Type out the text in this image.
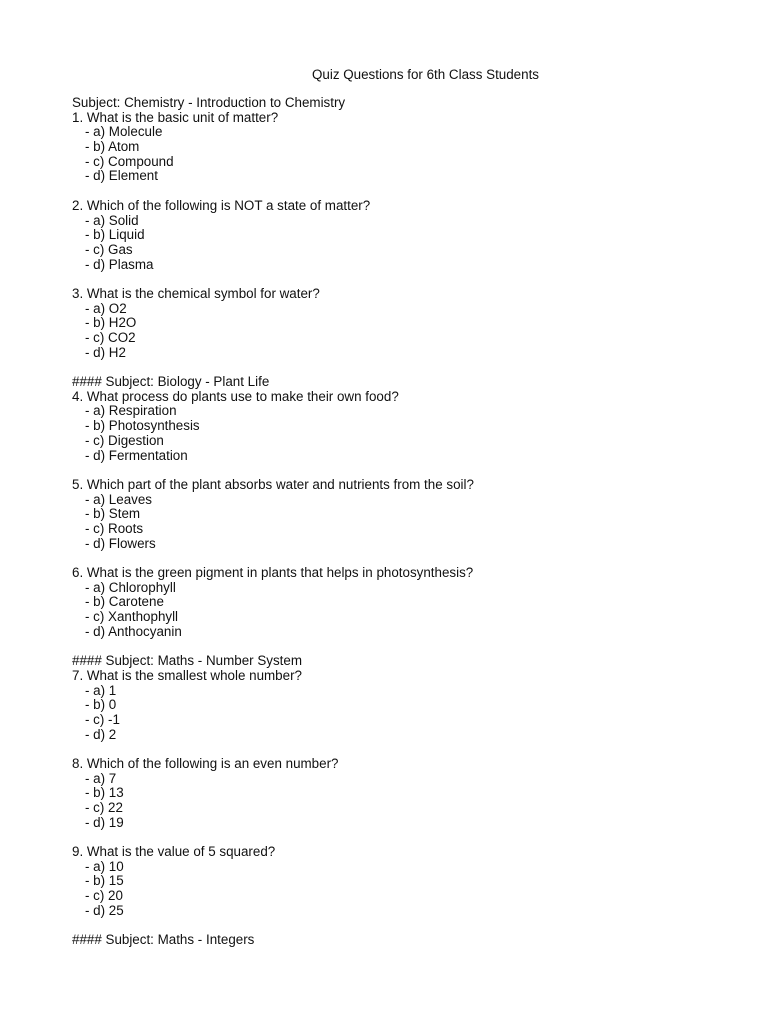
Quiz Questions for 6th Class Students
Subject: Chemistry - Introduction to Chemistry
1. What is the basic unit of matter?
- a) Molecule
- b) Atom
- c) Compound
- d) Element
2. Which of the following is NOT a state of matter?
- a) Solid
- b) Liquid
- c) Gas
- d) Plasma
3. What is the chemical symbol for water?
- a) O2
- b) H2O
- c) CO2
- d) H2
#### Subject: Biology - Plant Life
4. What process do plants use to make their own food?
- a) Respiration
- b) Photosynthesis
- c) Digestion
- d) Fermentation
5. Which part of the plant absorbs water and nutrients from the soil?
- a) Leaves
- b) Stem
- c) Roots
- d) Flowers
6. What is the green pigment in plants that helps in photosynthesis?
- a) Chlorophyll
- b) Carotene
- c) Xanthophyll
- d) Anthocyanin
#### Subject: Maths - Number System
7. What is the smallest whole number?
- a) 1
- b) 0
- c) -1
- d) 2
8. Which of the following is an even number?
- a) 7
- b) 13
- c) 22
- d) 19
9. What is the value of 5 squared?
- a) 10
- b) 15
- c) 20
- d) 25
#### Subject: Maths - Integers
